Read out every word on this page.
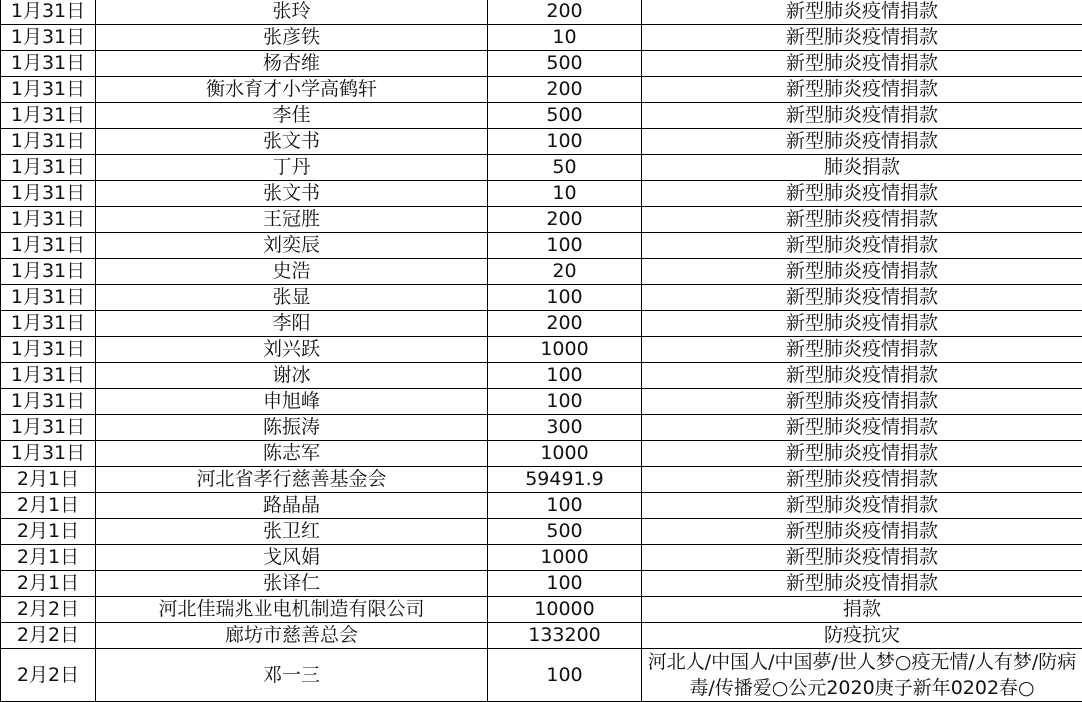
1月31日	张玲	200	新型肺炎疫情捐款
1月31日	张彦铁	10	新型肺炎疫情捐款
1月31日	杨杏维	500	新型肺炎疫情捐款
1月31日	衡水育才小学高鹤轩	200	新型肺炎疫情捐款
1月31日	李佳	500	新型肺炎疫情捐款
1月31日	张文书	100	新型肺炎疫情捐款
1月31日	丁丹	50	肺炎捐款
1月31日	张文书	10	新型肺炎疫情捐款
1月31日	王冠胜	200	新型肺炎疫情捐款
1月31日	刘奕辰	100	新型肺炎疫情捐款
1月31日	史浩	20	新型肺炎疫情捐款
1月31日	张显	100	新型肺炎疫情捐款
1月31日	李阳	200	新型肺炎疫情捐款
1月31日	刘兴跃	1000	新型肺炎疫情捐款
1月31日	谢冰	100	新型肺炎疫情捐款
1月31日	申旭峰	100	新型肺炎疫情捐款
1月31日	陈振涛	300	新型肺炎疫情捐款
1月31日	陈志军	1000	新型肺炎疫情捐款
2月1日	河北省孝行慈善基金会	59491.9	新型肺炎疫情捐款
2月1日	路晶晶	100	新型肺炎疫情捐款
2月1日	张卫红	500	新型肺炎疫情捐款
2月1日	戈风娟	1000	新型肺炎疫情捐款
2月1日	张译仁	100	新型肺炎疫情捐款
2月2日	河北佳瑞兆业电机制造有限公司	10000	捐款
2月2日	廊坊市慈善总会	133200	防疫抗灾
2月2日	邓一三	100	河北人/中国人/中国夢/世人梦○疫无情/人有梦/防病毒/传播爱○公元2020庚子新年0202春○
